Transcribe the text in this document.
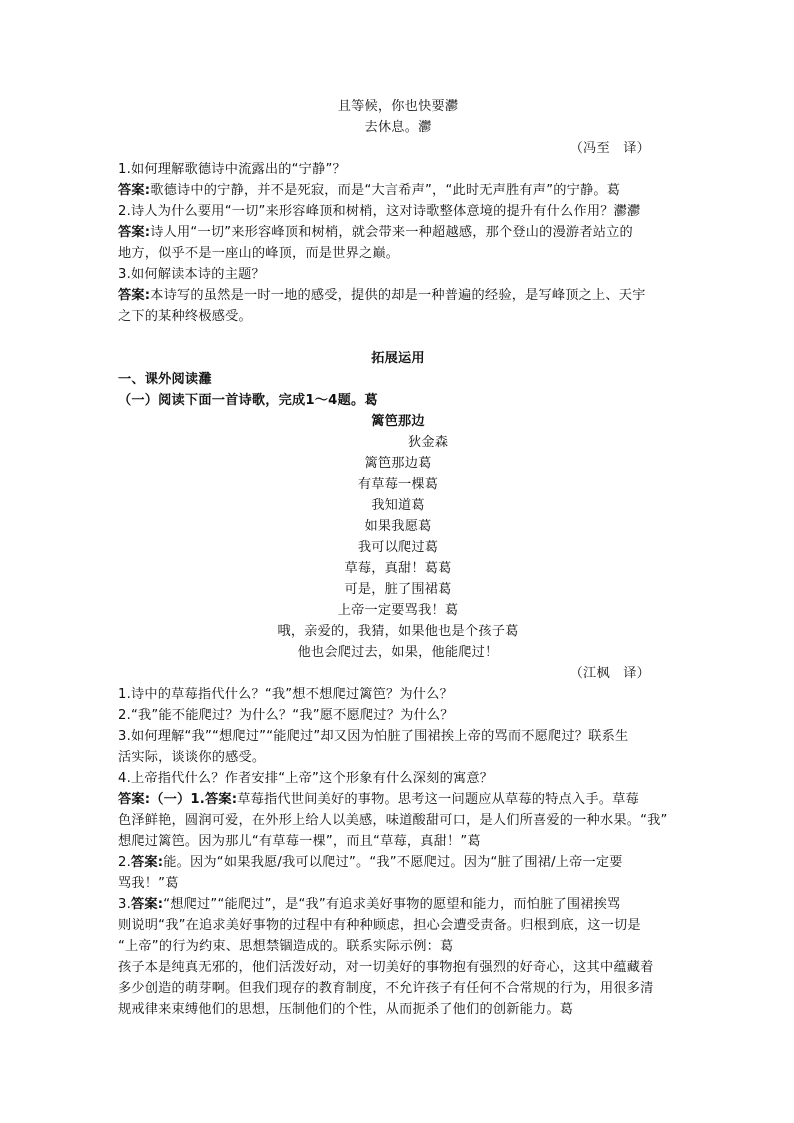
且等候，你也快要灪
去休息。灪
（冯至　译）
1.如何理解歌德诗中流露出的“宁静”？
答案:歌德诗中的宁静，并不是死寂，而是“大言希声”，“此时无声胜有声”的宁静。葛
2.诗人为什么要用“一切”来形容峰顶和树梢，这对诗歌整体意境的提升有什么作用？灪灪
答案:诗人用“一切”来形容峰顶和树梢，就会带来一种超越感，那个登山的漫游者站立的
地方，似乎不是一座山的峰顶，而是世界之巅。
3.如何解读本诗的主题？
答案:本诗写的虽然是一时一地的感受，提供的却是一种普遍的经验，是写峰顶之上、天宇
之下的某种终极感受。
拓展运用
一、课外阅读灉
（一）阅读下面一首诗歌，完成1～4题。葛
篱笆那边
狄金森
篱笆那边葛
有草莓一棵葛
我知道葛
如果我愿葛
我可以爬过葛
草莓，真甜！葛葛
可是，脏了围裙葛
上帝一定要骂我！葛
哦，亲爱的，我猜，如果他也是个孩子葛
他也会爬过去，如果，他能爬过！
（江枫　译）
1.诗中的草莓指代什么？“我”想不想爬过篱笆？为什么？
2.“我”能不能爬过？为什么？“我”愿不愿爬过？为什么？
3.如何理解“我”“想爬过”“能爬过”却又因为怕脏了围裙挨上帝的骂而不愿爬过？联系生
活实际，谈谈你的感受。
4.上帝指代什么？作者安排“上帝”这个形象有什么深刻的寓意？
答案:（一）1.答案:草莓指代世间美好的事物。思考这一问题应从草莓的特点入手。草莓
色泽鲜艳，圆润可爱，在外形上给人以美感，味道酸甜可口，是人们所喜爱的一种水果。“我”
想爬过篱笆。因为那儿“有草莓一棵”，而且“草莓，真甜！”葛
2.答案:能。因为“如果我愿/我可以爬过”。“我”不愿爬过。因为“脏了围裙/上帝一定要
骂我！”葛
3.答案:“想爬过”“能爬过”，是“我”有追求美好事物的愿望和能力，而怕脏了围裙挨骂
则说明“我”在追求美好事物的过程中有种种顾虑，担心会遭受责备。归根到底，这一切是
“上帝”的行为约束、思想禁锢造成的。联系实际示例：葛
孩子本是纯真无邪的，他们活泼好动，对一切美好的事物抱有强烈的好奇心，这其中蕴藏着
多少创造的萌芽啊。但我们现存的教育制度，不允许孩子有任何不合常规的行为，用很多清
规戒律来束缚他们的思想，压制他们的个性，从而扼杀了他们的创新能力。葛
